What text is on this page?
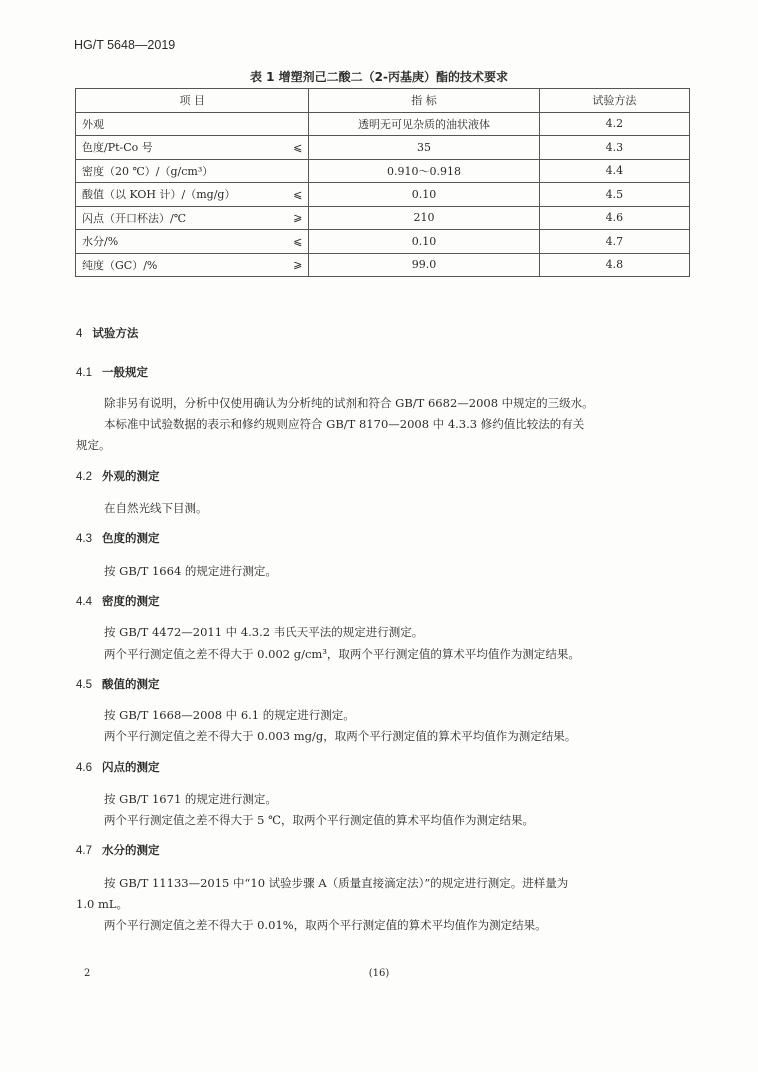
HG/T 5648—2019
表 1 增塑剂己二酸二（2-丙基庚）酯的技术要求
项 目		指 标	试验方法
外观		透明无可见杂质的油状液体	4.2
色度/Pt-Co 号	⩽	35	4.3
密度（20 ℃）/（g/cm³）		0.910～0.918	4.4
酸值（以 KOH 计）/（mg/g）	⩽	0.10	4.5
闪点（开口杯法）/℃	⩾	210	4.6
水分/%	⩽	0.10	4.7
纯度（GC）/%	⩾	99.0	4.8
4 试验方法
4.1 一般规定
除非另有说明，分析中仅使用确认为分析纯的试剂和符合 GB/T 6682—2008 中规定的三级水。
本标准中试验数据的表示和修约规则应符合 GB/T 8170—2008 中 4.3.3 修约值比较法的有关
规定。
4.2 外观的测定
在自然光线下目测。
4.3 色度的测定
按 GB/T 1664 的规定进行测定。
4.4 密度的测定
按 GB/T 4472—2011 中 4.3.2 韦氏天平法的规定进行测定。
两个平行测定值之差不得大于 0.002 g/cm³，取两个平行测定值的算术平均值作为测定结果。
4.5 酸值的测定
按 GB/T 1668—2008 中 6.1 的规定进行测定。
两个平行测定值之差不得大于 0.003 mg/g，取两个平行测定值的算术平均值作为测定结果。
4.6 闪点的测定
按 GB/T 1671 的规定进行测定。
两个平行测定值之差不得大于 5 ℃，取两个平行测定值的算术平均值作为测定结果。
4.7 水分的测定
按 GB/T 11133—2015 中“10 试验步骤 A（质量直接滴定法）”的规定进行测定。进样量为
1.0 mL。
两个平行测定值之差不得大于 0.01%，取两个平行测定值的算术平均值作为测定结果。
2	(16)
